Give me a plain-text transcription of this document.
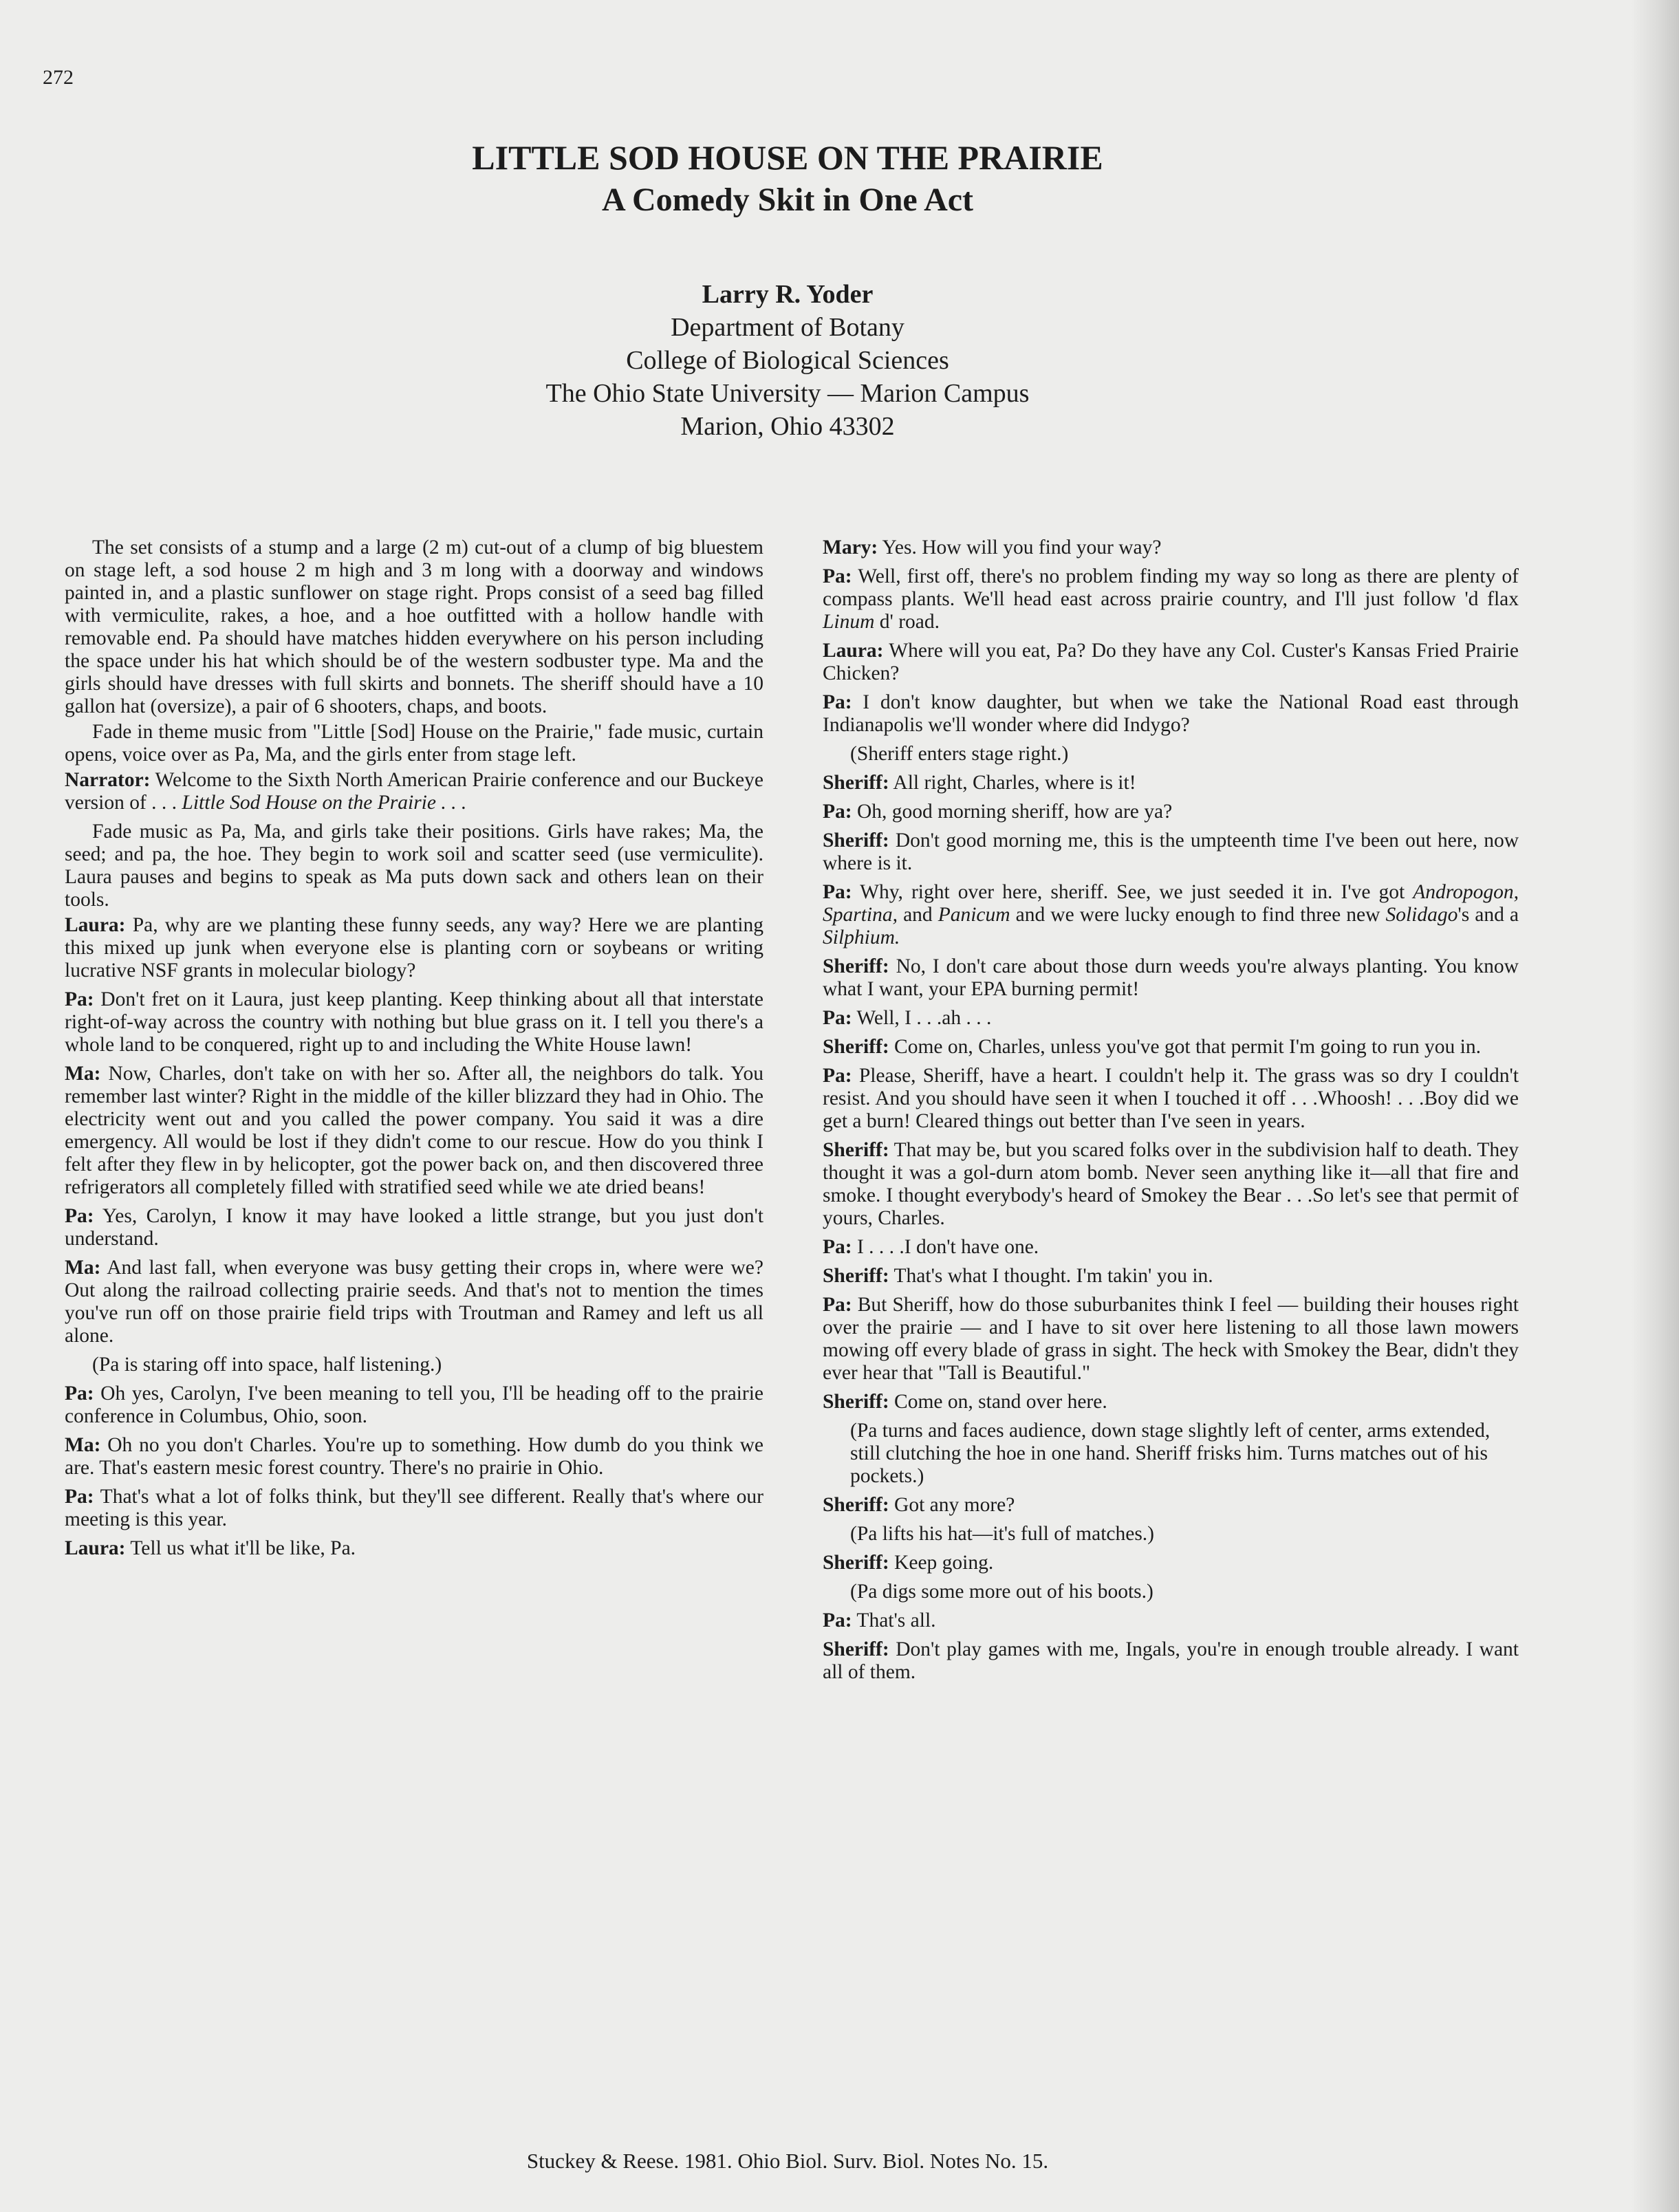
272

LITTLE SOD HOUSE ON THE PRAIRIE

A Comedy Skit in One Act

Larry R. Yoder
Department of Botany
College of Biological Sciences
The Ohio State University — Marion Campus
Marion, Ohio 43302

The set consists of a stump and a large (2 m) cut-out of a clump of big bluestem on stage left, a sod house 2 m high and 3 m long with a doorway and windows painted in, and a plastic sunflower on stage right. Props consist of a seed bag filled with vermiculite, rakes, a hoe, and a hoe outfitted with a hollow handle with removable end. Pa should have matches hidden everywhere on his person including the space under his hat which should be of the western sodbuster type. Ma and the girls should have dresses with full skirts and bonnets. The sheriff should have a 10 gallon hat (oversize), a pair of 6 shooters, chaps, and boots.

Fade in theme music from "Little [Sod] House on the Prairie," fade music, curtain opens, voice over as Pa, Ma, and the girls enter from stage left.

Narrator: Welcome to the Sixth North American Prairie conference and our Buckeye version of . . . Little Sod House on the Prairie . . .

Fade music as Pa, Ma, and girls take their positions. Girls have rakes; Ma, the seed; and pa, the hoe. They begin to work soil and scatter seed (use vermiculite). Laura pauses and begins to speak as Ma puts down sack and others lean on their tools.

Laura: Pa, why are we planting these funny seeds, any way? Here we are planting this mixed up junk when everyone else is planting corn or soybeans or writing lucrative NSF grants in molecular biology?

Pa: Don't fret on it Laura, just keep planting. Keep thinking about all that interstate right-of-way across the country with nothing but blue grass on it. I tell you there's a whole land to be conquered, right up to and including the White House lawn!

Ma: Now, Charles, don't take on with her so. After all, the neighbors do talk. You remember last winter? Right in the middle of the killer blizzard they had in Ohio. The electricity went out and you called the power company. You said it was a dire emergency. All would be lost if they didn't come to our rescue. How do you think I felt after they flew in by helicopter, got the power back on, and then discovered three refrigerators all completely filled with stratified seed while we ate dried beans!

Pa: Yes, Carolyn, I know it may have looked a little strange, but you just don't understand.

Ma: And last fall, when everyone was busy getting their crops in, where were we? Out along the railroad collecting prairie seeds. And that's not to mention the times you've run off on those prairie field trips with Troutman and Ramey and left us all alone.

(Pa is staring off into space, half listening.)

Pa: Oh yes, Carolyn, I've been meaning to tell you, I'll be heading off to the prairie conference in Columbus, Ohio, soon.

Ma: Oh no you don't Charles. You're up to something. How dumb do you think we are. That's eastern mesic forest country. There's no prairie in Ohio.

Pa: That's what a lot of folks think, but they'll see different. Really that's where our meeting is this year.

Laura: Tell us what it'll be like, Pa.

Mary: Yes. How will you find your way?

Pa: Well, first off, there's no problem finding my way so long as there are plenty of compass plants. We'll head east across prairie country, and I'll just follow 'd flax Linum d' road.

Laura: Where will you eat, Pa? Do they have any Col. Custer's Kansas Fried Prairie Chicken?

Pa: I don't know daughter, but when we take the National Road east through Indianapolis we'll wonder where did Indygo?

(Sheriff enters stage right.)

Sheriff: All right, Charles, where is it!

Pa: Oh, good morning sheriff, how are ya?

Sheriff: Don't good morning me, this is the umpteenth time I've been out here, now where is it.

Pa: Why, right over here, sheriff. See, we just seeded it in. I've got Andropogon, Spartina, and Panicum and we were lucky enough to find three new Solidago's and a Silphium.

Sheriff: No, I don't care about those durn weeds you're always planting. You know what I want, your EPA burning permit!

Pa: Well, I . . .ah . . .

Sheriff: Come on, Charles, unless you've got that permit I'm going to run you in.

Pa: Please, Sheriff, have a heart. I couldn't help it. The grass was so dry I couldn't resist. And you should have seen it when I touched it off . . .Whoosh! . . .Boy did we get a burn! Cleared things out better than I've seen in years.

Sheriff: That may be, but you scared folks over in the subdivision half to death. They thought it was a gol-durn atom bomb. Never seen anything like it—all that fire and smoke. I thought everybody's heard of Smokey the Bear . . .So let's see that permit of yours, Charles.

Pa: I . . . .I don't have one.

Sheriff: That's what I thought. I'm takin' you in.

Pa: But Sheriff, how do those suburbanites think I feel — building their houses right over the prairie — and I have to sit over here listening to all those lawn mowers mowing off every blade of grass in sight. The heck with Smokey the Bear, didn't they ever hear that "Tall is Beautiful."

Sheriff: Come on, stand over here.

(Pa turns and faces audience, down stage slightly left of center, arms extended, still clutching the hoe in one hand. Sheriff frisks him. Turns matches out of his pockets.)

Sheriff: Got any more?

(Pa lifts his hat—it's full of matches.)

Sheriff: Keep going.

(Pa digs some more out of his boots.)

Pa: That's all.

Sheriff: Don't play games with me, Ingals, you're in enough trouble already. I want all of them.

Stuckey & Reese. 1981. Ohio Biol. Surv. Biol. Notes No. 15.
